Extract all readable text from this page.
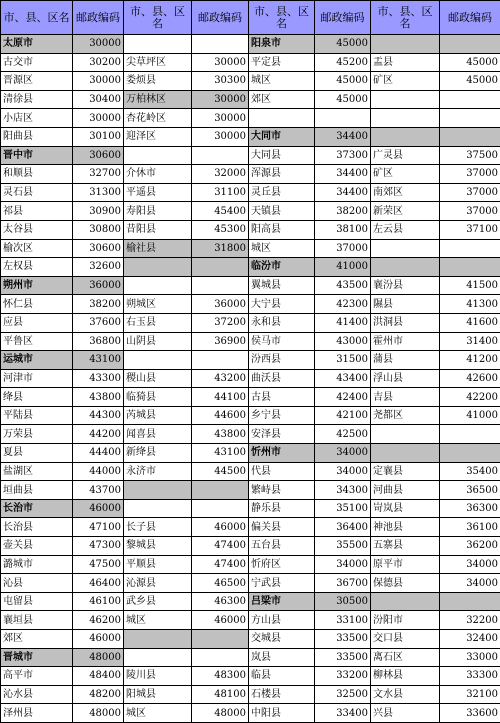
市、县、区名	邮政编码	市、县、区名	邮政编码	市、县、区名	邮政编码	市、县、区名	邮政编码
太原市	30000			阳泉市	45000		
古交市	30200	尖草坪区	30000	平定县	45200	盂县	45000
晋源区	30000	娄烦县	30300	城区	45000	矿区	45000
清徐县	30400	万柏林区	30000	郊区	45000		
小店区	30000	杏花岭区	30000				
阳曲县	30100	迎泽区	30000	大同市	34400		
晋中市	30600			大同县	37300	广灵县	37500
和顺县	32700	介休市	32000	浑源县	34400	矿区	37000
灵石县	31300	平遥县	31100	灵丘县	34400	南郊区	37000
祁县	30900	寿阳县	45400	天镇县	38200	新荣区	37000
太谷县	30800	昔阳县	45300	阳高县	38100	左云县	37100
榆次区	30600	榆社县	31800	城区	37000		
左权县	32600			临汾市	41000		
朔州市	36000			翼城县	43500	襄汾县	41500
怀仁县	38200	朔城区	36000	大宁县	42300	隰县	41300
应县	37600	右玉县	37200	永和县	41400	洪洞县	41600
平鲁区	36800	山阴县	36900	侯马市	43000	霍州市	31400
运城市	43100			汾西县	31500	蒲县	41200
河津市	43300	稷山县	43200	曲沃县	43400	浮山县	42600
绛县	43800	临猗县	44100	古县	42400	吉县	42200
平陆县	44300	芮城县	44600	乡宁县	42100	尧都区	41000
万荣县	44200	闻喜县	43800	安泽县	42500		
夏县	44400	新绛县	43100	忻州市	34000		
盐湖区	44000	永济市	44500	代县	34000	定襄县	35400
垣曲县	43700			繁峙县	34300	河曲县	36500
长治市	46000			静乐县	35100	岢岚县	36300
长治县	47100	长子县	46000	偏关县	36400	神池县	36100
壶关县	47300	黎城县	47400	五台县	35500	五寨县	36200
潞城市	47500	平顺县	47400	忻府区	34000	原平市	34000
沁县	46400	沁源县	46500	宁武县	36700	保德县	34000
屯留县	46100	武乡县	46300	吕梁市	30500		
襄垣县	46200	城区	46000	方山县	33100	汾阳市	32200
郊区	46000			交城县	33500	交口县	32400
晋城市	48000			岚县	33500	离石区	33000
高平市	48400	陵川县	48300	临县	33200	柳林县	33300
沁水县	48200	阳城县	48100	石楼县	32500	文水县	32100
泽州县	48000	城区	48000	中阳县	33400	兴县	33600
